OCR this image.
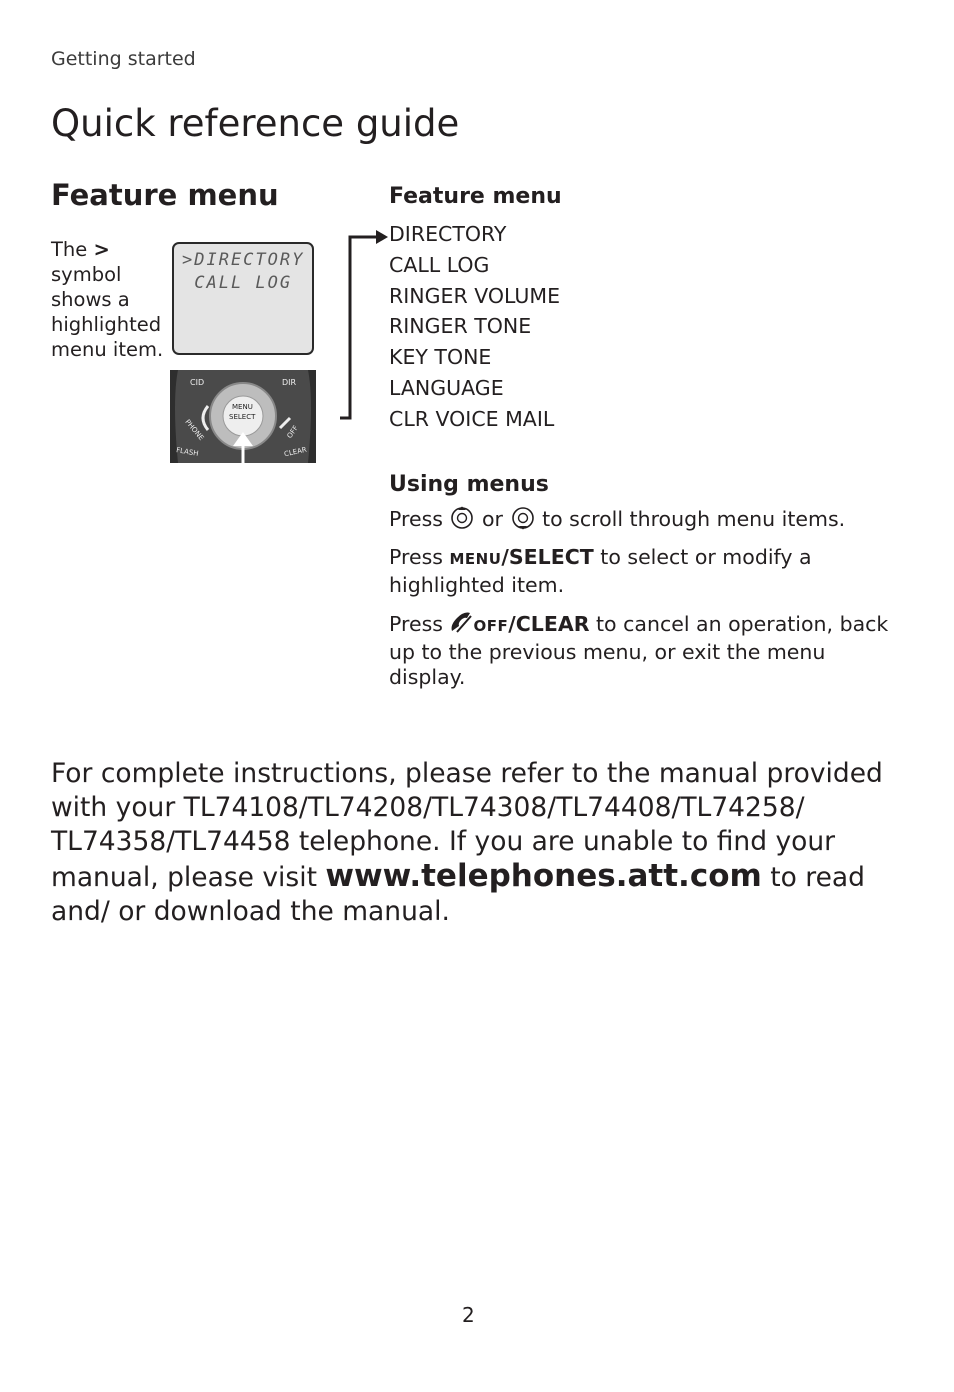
Getting started
Quick reference guide
Feature menu
The > symbol shows a highlighted menu item.
>DIRECTORY
CALL LOG
CID	DIR
MENU
SELECT
PHONE	OFF
FLASH	CLEAR
Feature menu
DIRECTORY
CALL LOG
RINGER VOLUME
RINGER TONE
KEY TONE
LANGUAGE
CLR VOICE MAIL
Using menus

Press or to scroll through menu items.

Press MENU/SELECT to select or modify a highlighted item.

Press OFF/CLEAR to cancel an operation, back up to the previous menu, or exit the menu display.

For complete instructions, please refer to the manual provided with your TL74108/TL74208/TL74308/TL74408/TL74258/ TL74358/TL74458 telephone. If you are unable to find your manual, please visit www.telephones.att.com to read and/ or download the manual.

2
